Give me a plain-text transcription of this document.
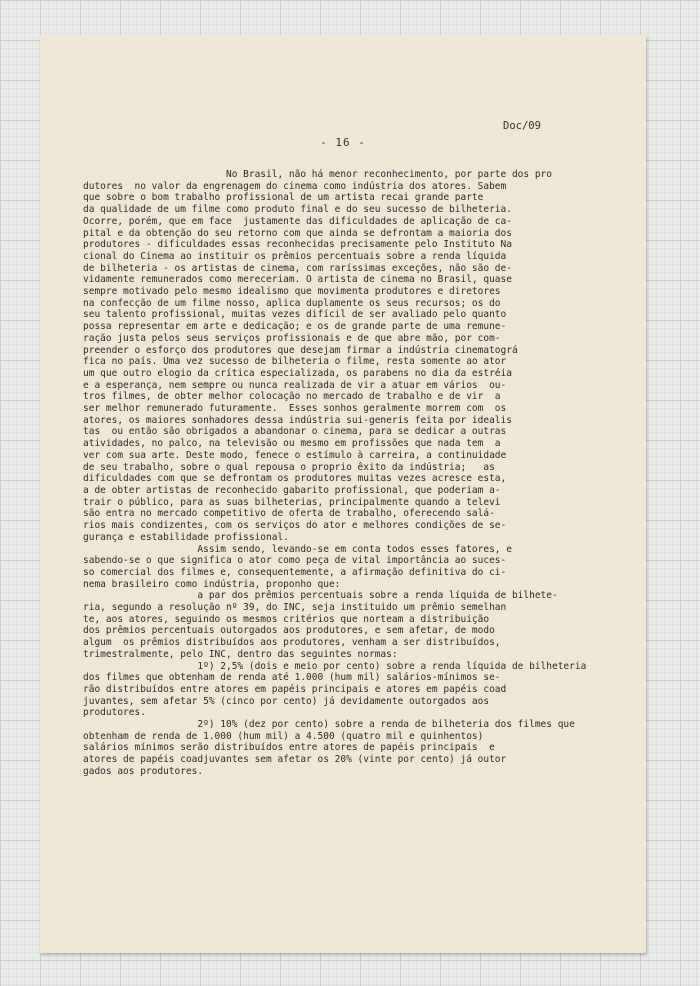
Doc/09

- 16 -

No Brasil, não há menor reconhecimento, por parte dos pro

dutores  no valor da engrenagem do cinema como indústria dos atores. Sabem

que sobre o bom trabalho profissional de um artista recai grande parte

da qualidade de um filme como produto final e do seu sucesso de bilheteria.

Ocorre, porém, que em face  justamente das dificuldades de aplicação de ca-

pital e da obtenção do seu retorno com que ainda se defrontam a maioria dos

produtores - dificuldades essas reconhecidas precisamente pelo Instituto Na

cional do Cinema ao instituir os prêmios percentuais sobre a renda líquida

de bilheteria - os artistas de cinema, com raríssimas exceções, não são de-

vidamente remunerados como mereceriam. O artista de cinema no Brasil, quase

sempre motivado pelo mesmo idealismo que movimenta produtores e diretores

na confecção de um filme nosso, aplica duplamente os seus recursos; os do

seu talento profissional, muitas vezes difícil de ser avaliado pelo quanto

possa representar em arte e dedicação; e os de grande parte de uma remune-

ração justa pelos seus serviços profissionais e de que abre mão, por com-

preender o esforço dos produtores que desejam firmar a indústria cinematográ

fica no país. Uma vez sucesso de bilheteria o filme, resta somente ao ator

um que outro elogio da crítica especializada, os parabens no dia da estréia

e a esperança, nem sempre ou nunca realizada de vir a atuar em vários  ou-

tros filmes, de obter melhor colocação no mercado de trabalho e de vir  a

ser melhor remunerado futuramente.  Esses sonhos geralmente morrem com  os

atores, os maiores sonhadores dessa indústria sui-generis feita por idealis

tas  ou então são obrigados a abandonar o cinema, para se dedicar a outras

atividades, no palco, na televisão ou mesmo em profissões que nada tem  a

ver com sua arte. Deste modo, fenece o estímulo à carreira, a continuidade

de seu trabalho, sobre o qual repousa o proprio êxito da indústria;   as

dificuldades com que se defrontam os produtores muitas vezes acresce esta,

a de obter artistas de reconhecido gabarito profissional, que poderiam a-

trair o público, para as suas bilheterias, principalmente quando a televi

são entra no mercado competitivo de oferta de trabalho, oferecendo salá-

rios mais condizentes, com os serviços do ator e melhores condições de se-

gurança e estabilidade profissional.

Assim sendo, levando-se em conta todos esses fatores, e

sabendo-se o que significa o ator como peça de vital importância ao suces-

so comercial dos filmes e, consequentemente, a afirmação definitiva do ci-

nema brasileiro como indústria, proponho que:

a par dos prêmios percentuais sobre a renda líquida de bilhete-

ria, segundo a resolução nº 39, do INC, seja instituido um prêmio semelhan

te, aos atores, seguindo os mesmos critérios que norteam a distribuição

dos prêmios percentuais outorgados aos produtores, e sem afetar, de modo

algum  os prêmios distribuídos aos produtores, venham a ser distribuídos,

trimestralmente, pelo INC, dentro das seguintes normas:

1º) 2,5% (dois e meio por cento) sobre a renda líquida de bilheteria

dos filmes que obtenham de renda até 1.000 (hum mil) salários-mínimos se-

rão distribuídos entre atores em papéis principais e atores em papéis coad

juvantes, sem afetar 5% (cinco por cento) já devidamente outorgados aos

produtores.

2º) 10% (dez por cento) sobre a renda de bilheteria dos filmes que

obtenham de renda de 1.000 (hum mil) a 4.500 (quatro mil e quinhentos)

salários mínimos serão distribuídos entre atores de papéis principais  e

atores de papéis coadjuvantes sem afetar os 20% (vinte por cento) já outor

gados aos produtores.
